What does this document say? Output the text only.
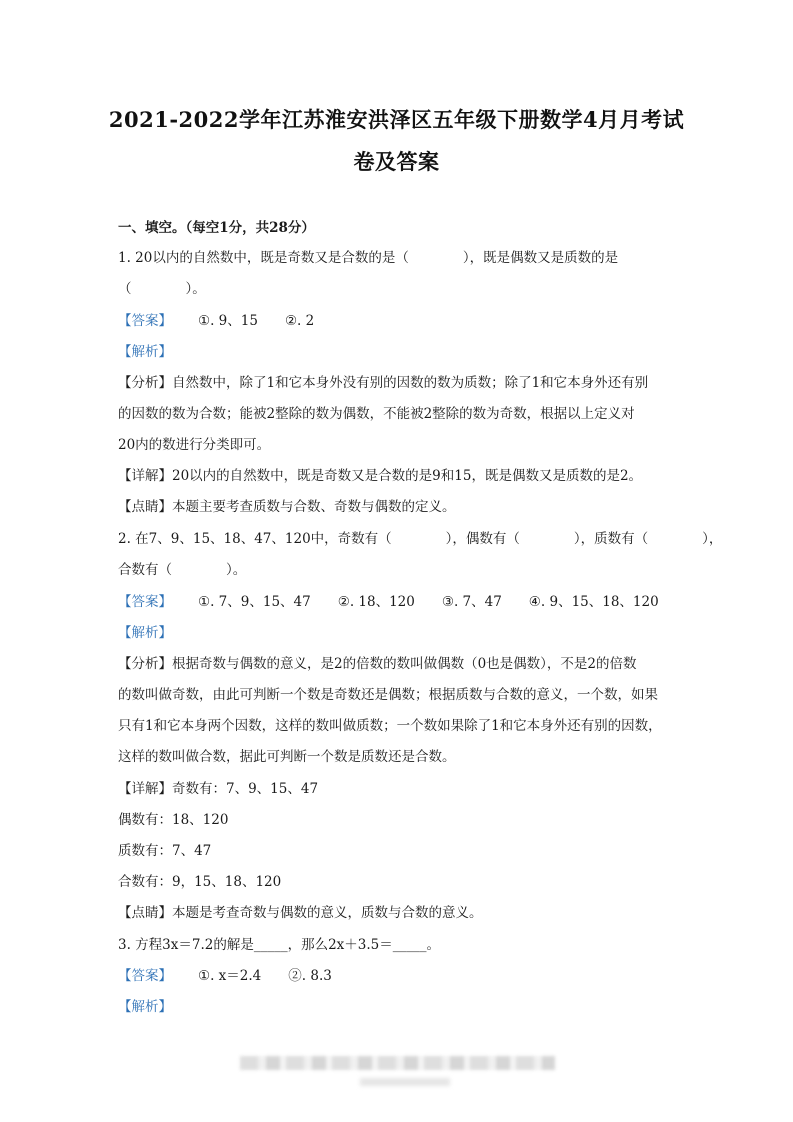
2021-2022学年江苏淮安洪泽区五年级下册数学4月月考试
卷及答案
一、填空。（每空1分，共28分）
1. 20以内的自然数中，既是奇数又是合数的是（　　　　），既是偶数又是质数的是
（　　　　）。
【答案】 ①. 9、15　　②. 2
【解析】
【分析】自然数中，除了1和它本身外没有别的因数的数为质数；除了1和它本身外还有别
的因数的数为合数；能被2整除的数为偶数，不能被2整除的数为奇数，根据以上定义对
20内的数进行分类即可。
【详解】20以内的自然数中，既是奇数又是合数的是9和15，既是偶数又是质数的是2。
【点睛】本题主要考查质数与合数、奇数与偶数的定义。
2. 在7、9、15、18、47、120中，奇数有（　　　　），偶数有（　　　　），质数有（　　　　），
合数有（　　　　）。
【答案】 ①. 7、9、15、47　　②. 18、120　　③. 7、47　　④. 9、15、18、120
【解析】
【分析】根据奇数与偶数的意义，是2的倍数的数叫做偶数（0也是偶数），不是2的倍数
的数叫做奇数，由此可判断一个数是奇数还是偶数；根据质数与合数的意义，一个数，如果
只有1和它本身两个因数，这样的数叫做质数；一个数如果除了1和它本身外还有别的因数，
这样的数叫做合数，据此可判断一个数是质数还是合数。
【详解】奇数有：7、9、15、47
偶数有：18、120
质数有：7、47
合数有：9，15、18、120
【点睛】本题是考查奇数与偶数的意义，质数与合数的意义。
3. 方程3x＝7.2的解是_____，那么2x＋3.5＝_____。
【答案】 ①. x＝2.4　　②. 8.3
【解析】
